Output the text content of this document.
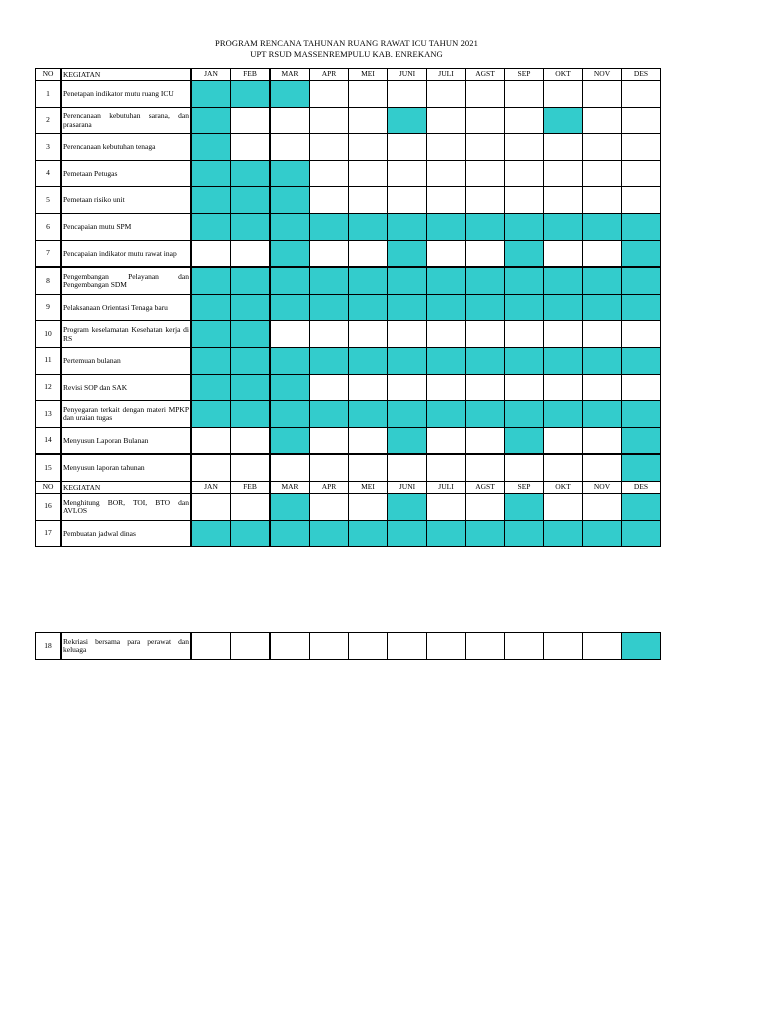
PROGRAM RENCANA TAHUNAN RUANG RAWAT ICU TAHUN 2021
UPT RSUD MASSENREMPULU KAB. ENREKANG
NO	KEGIATAN	JAN	FEB	MAR	APR	MEI	JUNI	JULI	AGST	SEP	OKT	NOV	DES
1	Penetapan indikator mutu ruang ICU												
2	Perencanaan kebutuhan sarana, dan prasarana												
3	Perencanaan kebutuhan tenaga												
4	Pemetaan Petugas												
5	Pemetaan risiko unit												
6	Pencapaian mutu SPM												
7	Pencapaian indikator mutu rawat inap												
8	Pengembangan Pelayanan dan Pengembangan SDM												
9	Pelaksanaan Orientasi Tenaga baru												
10	Program keselamatan Kesehatan kerja di RS												
11	Pertemuan bulanan												
12	Revisi SOP dan SAK												
13	Penyegaran terkait dengan materi MPKP dan uraian tugas												
14	Menyusun Laporan Bulanan												
15	Menyusun laporan tahunan												
NO	KEGIATAN	JAN	FEB	MAR	APR	MEI	JUNI	JULI	AGST	SEP	OKT	NOV	DES
16	Menghitung BOR, TOI, BTO dan AVLOS												
17	Pembuatan jadwal dinas												
18	Rekriasi bersama para perawat dan keluaga												
